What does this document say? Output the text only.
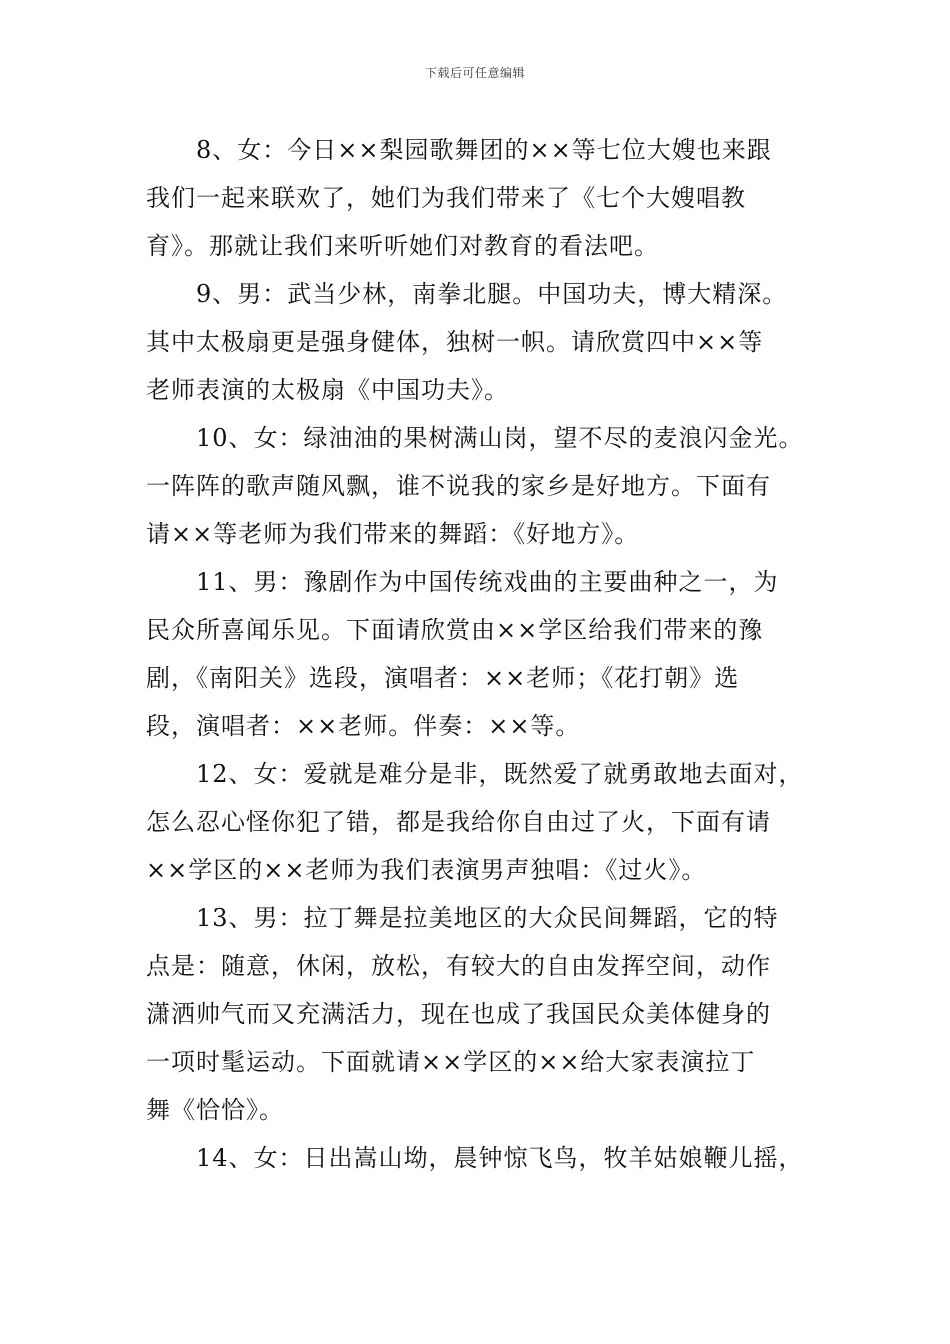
下载后可任意编辑
8、女：今日××梨园歌舞团的××等七位大嫂也来跟
我们一起来联欢了，她们为我们带来了《七个大嫂唱教
育》。那就让我们来听听她们对教育的看法吧。
9、男：武当少林，南拳北腿。中国功夫，博大精深。
其中太极扇更是强身健体，独树一帜。请欣赏四中××等
老师表演的太极扇《中国功夫》。
10、女：绿油油的果树满山岗，望不尽的麦浪闪金光。
一阵阵的歌声随风飘，谁不说我的家乡是好地方。下面有
请××等老师为我们带来的舞蹈：《好地方》。
11、男：豫剧作为中国传统戏曲的主要曲种之一，为
民众所喜闻乐见。下面请欣赏由××学区给我们带来的豫
剧，《南阳关》选段，演唱者：××老师；《花打朝》选
段，演唱者：××老师。伴奏：××等。
12、女：爱就是难分是非，既然爱了就勇敢地去面对，
怎么忍心怪你犯了错，都是我给你自由过了火，下面有请
××学区的××老师为我们表演男声独唱：《过火》。
13、男：拉丁舞是拉美地区的大众民间舞蹈，它的特
点是：随意，休闲，放松，有较大的自由发挥空间，动作
潇洒帅气而又充满活力，现在也成了我国民众美体健身的
一项时髦运动。下面就请××学区的××给大家表演拉丁
舞《恰恰》。
14、女：日出嵩山坳，晨钟惊飞鸟，牧羊姑娘鞭儿摇，
